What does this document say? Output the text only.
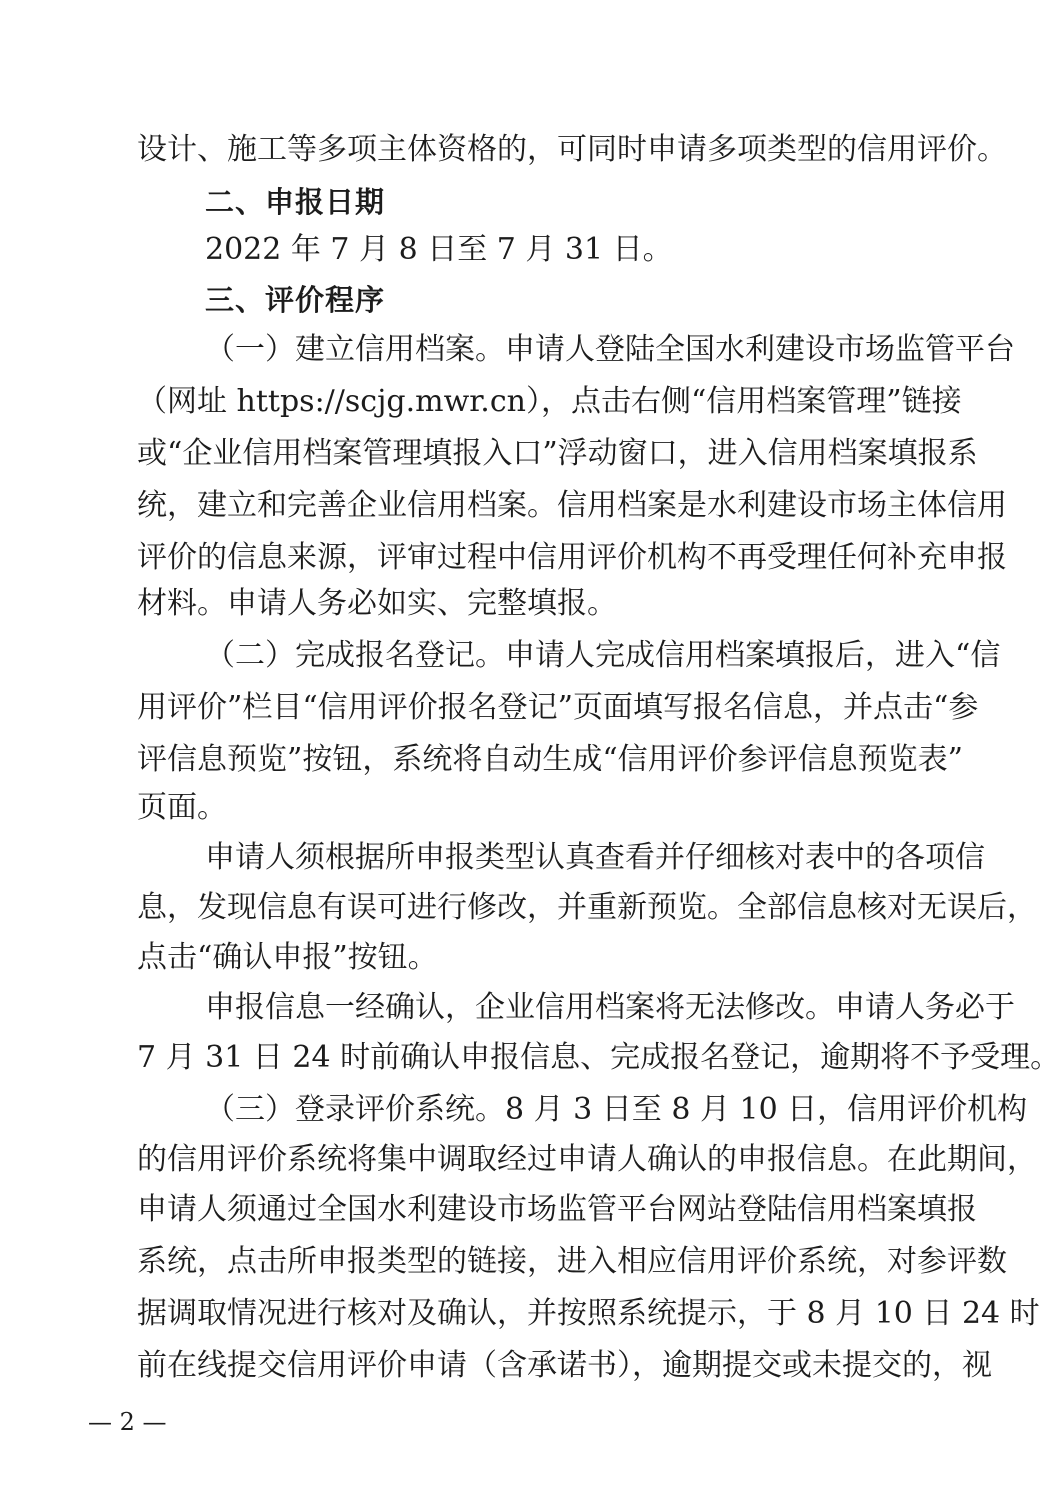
设计、施工等多项主体资格的，可同时申请多项类型的信用评价。
二、申报日期
2022 年 7 月 8 日至 7 月 31 日。
三、评价程序
（一）建立信用档案。申请人登陆全国水利建设市场监管平台
（网址 https://scjg.mwr.cn），点击右侧“信用档案管理”链接
或“企业信用档案管理填报入口”浮动窗口，进入信用档案填报系
统，建立和完善企业信用档案。信用档案是水利建设市场主体信用
评价的信息来源，评审过程中信用评价机构不再受理任何补充申报
材料。申请人务必如实、完整填报。
（二）完成报名登记。申请人完成信用档案填报后，进入“信
用评价”栏目“信用评价报名登记”页面填写报名信息，并点击“参
评信息预览”按钮，系统将自动生成“信用评价参评信息预览表”
页面。
申请人须根据所申报类型认真查看并仔细核对表中的各项信
息，发现信息有误可进行修改，并重新预览。全部信息核对无误后，
点击“确认申报”按钮。
申报信息一经确认，企业信用档案将无法修改。申请人务必于
7 月 31 日 24 时前确认申报信息、完成报名登记，逾期将不予受理。
（三）登录评价系统。8 月 3 日至 8 月 10 日，信用评价机构
的信用评价系统将集中调取经过申请人确认的申报信息。在此期间，
申请人须通过全国水利建设市场监管平台网站登陆信用档案填报
系统，点击所申报类型的链接，进入相应信用评价系统，对参评数
据调取情况进行核对及确认，并按照系统提示，于 8 月 10 日 24 时
前在线提交信用评价申请（含承诺书），逾期提交或未提交的，视
— 2 —
